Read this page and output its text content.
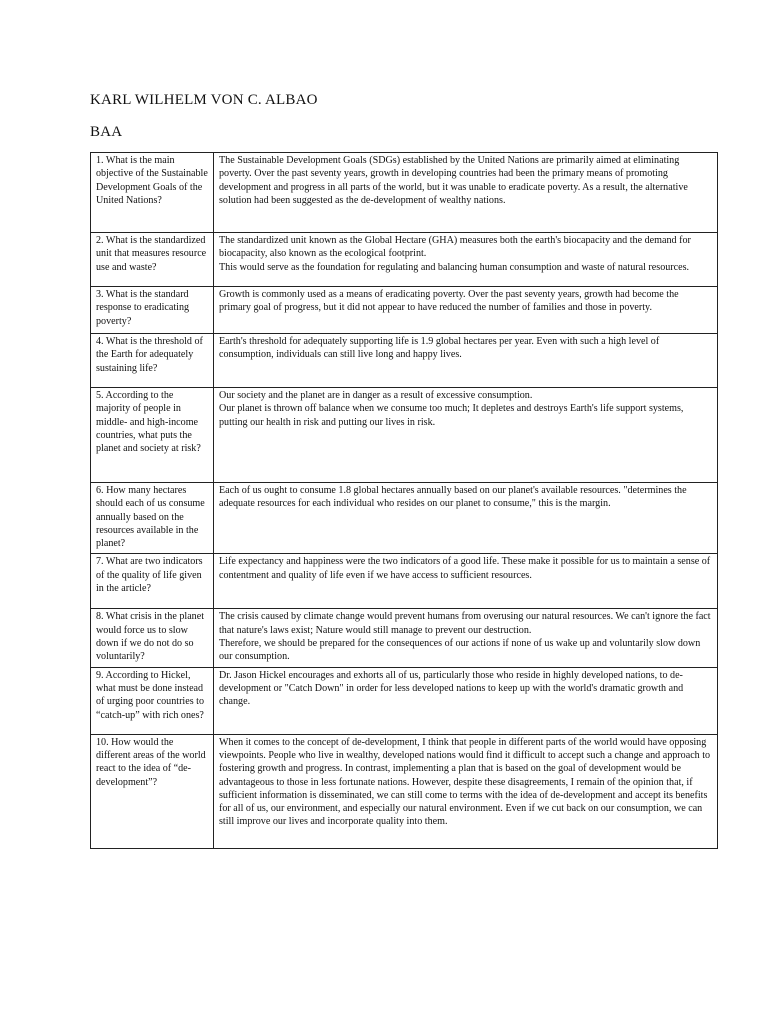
KARL WILHELM VON C. ALBAO
BAA
1. What is the main objective of the Sustainable Development Goals of the United Nations?	The Sustainable Development Goals (SDGs) established by the United Nations are primarily aimed at eliminating poverty. Over the past seventy years, growth in developing countries had been the primary means of promoting development and progress in all parts of the world, but it was unable to eradicate poverty. As a result, the alternative solution had been suggested as the de-development of wealthy nations.

2. What is the standardized unit that measures resource use and waste?	The standardized unit known as the Global Hectare (GHA) measures both the earth's biocapacity and the demand for biocapacity, also known as the ecological footprint.
This would serve as the foundation for regulating and balancing human consumption and waste of natural resources.

3. What is the standard response to eradicating poverty?	Growth is commonly used as a means of eradicating poverty. Over the past seventy years, growth had become the primary goal of progress, but it did not appear to have reduced the number of families and those in poverty.

4. What is the threshold of the Earth for adequately sustaining life?	Earth's threshold for adequately supporting life is 1.9 global hectares per year. Even with such a high level of consumption, individuals can still live long and happy lives.

5. According to the majority of people in middle- and high-income countries, what puts the planet and society at risk?	Our society and the planet are in danger as a result of excessive consumption.
Our planet is thrown off balance when we consume too much; It depletes and destroys Earth's life support systems, putting our health in risk and putting our lives in risk.

6. How many hectares should each of us consume annually based on the resources available in the planet?	Each of us ought to consume 1.8 global hectares annually based on our planet's available resources. "determines the adequate resources for each individual who resides on our planet to consume," this is the margin.

7. What are two indicators of the quality of life given in the article?	Life expectancy and happiness were the two indicators of a good life. These make it possible for us to maintain a sense of contentment and quality of life even if we have access to sufficient resources.

8. What crisis in the planet would force us to slow down if we do not do so voluntarily?	The crisis caused by climate change would prevent humans from overusing our natural resources. We can't ignore the fact that nature's laws exist; Nature would still manage to prevent our destruction.
Therefore, we should be prepared for the consequences of our actions if none of us wake up and voluntarily slow down our consumption.

9. According to Hickel, what must be done instead of urging poor countries to “catch-up” with rich ones?	Dr. Jason Hickel encourages and exhorts all of us, particularly those who reside in highly developed nations, to de-development or "Catch Down" in order for less developed nations to keep up with the world's dramatic growth and change.

10. How would the different areas of the world react to the idea of “de-development”?	When it comes to the concept of de-development, I think that people in different parts of the world would have opposing viewpoints. People who live in wealthy, developed nations would find it difficult to accept such a change and approach to fostering growth and progress. In contrast, implementing a plan that is based on the goal of development would be advantageous to those in less fortunate nations. However, despite these disagreements, I remain of the opinion that, if sufficient information is disseminated, we can still come to terms with the idea of de-development and accept its benefits for all of us, our environment, and especially our natural environment. Even if we cut back on our consumption, we can still improve our lives and incorporate quality into them.
